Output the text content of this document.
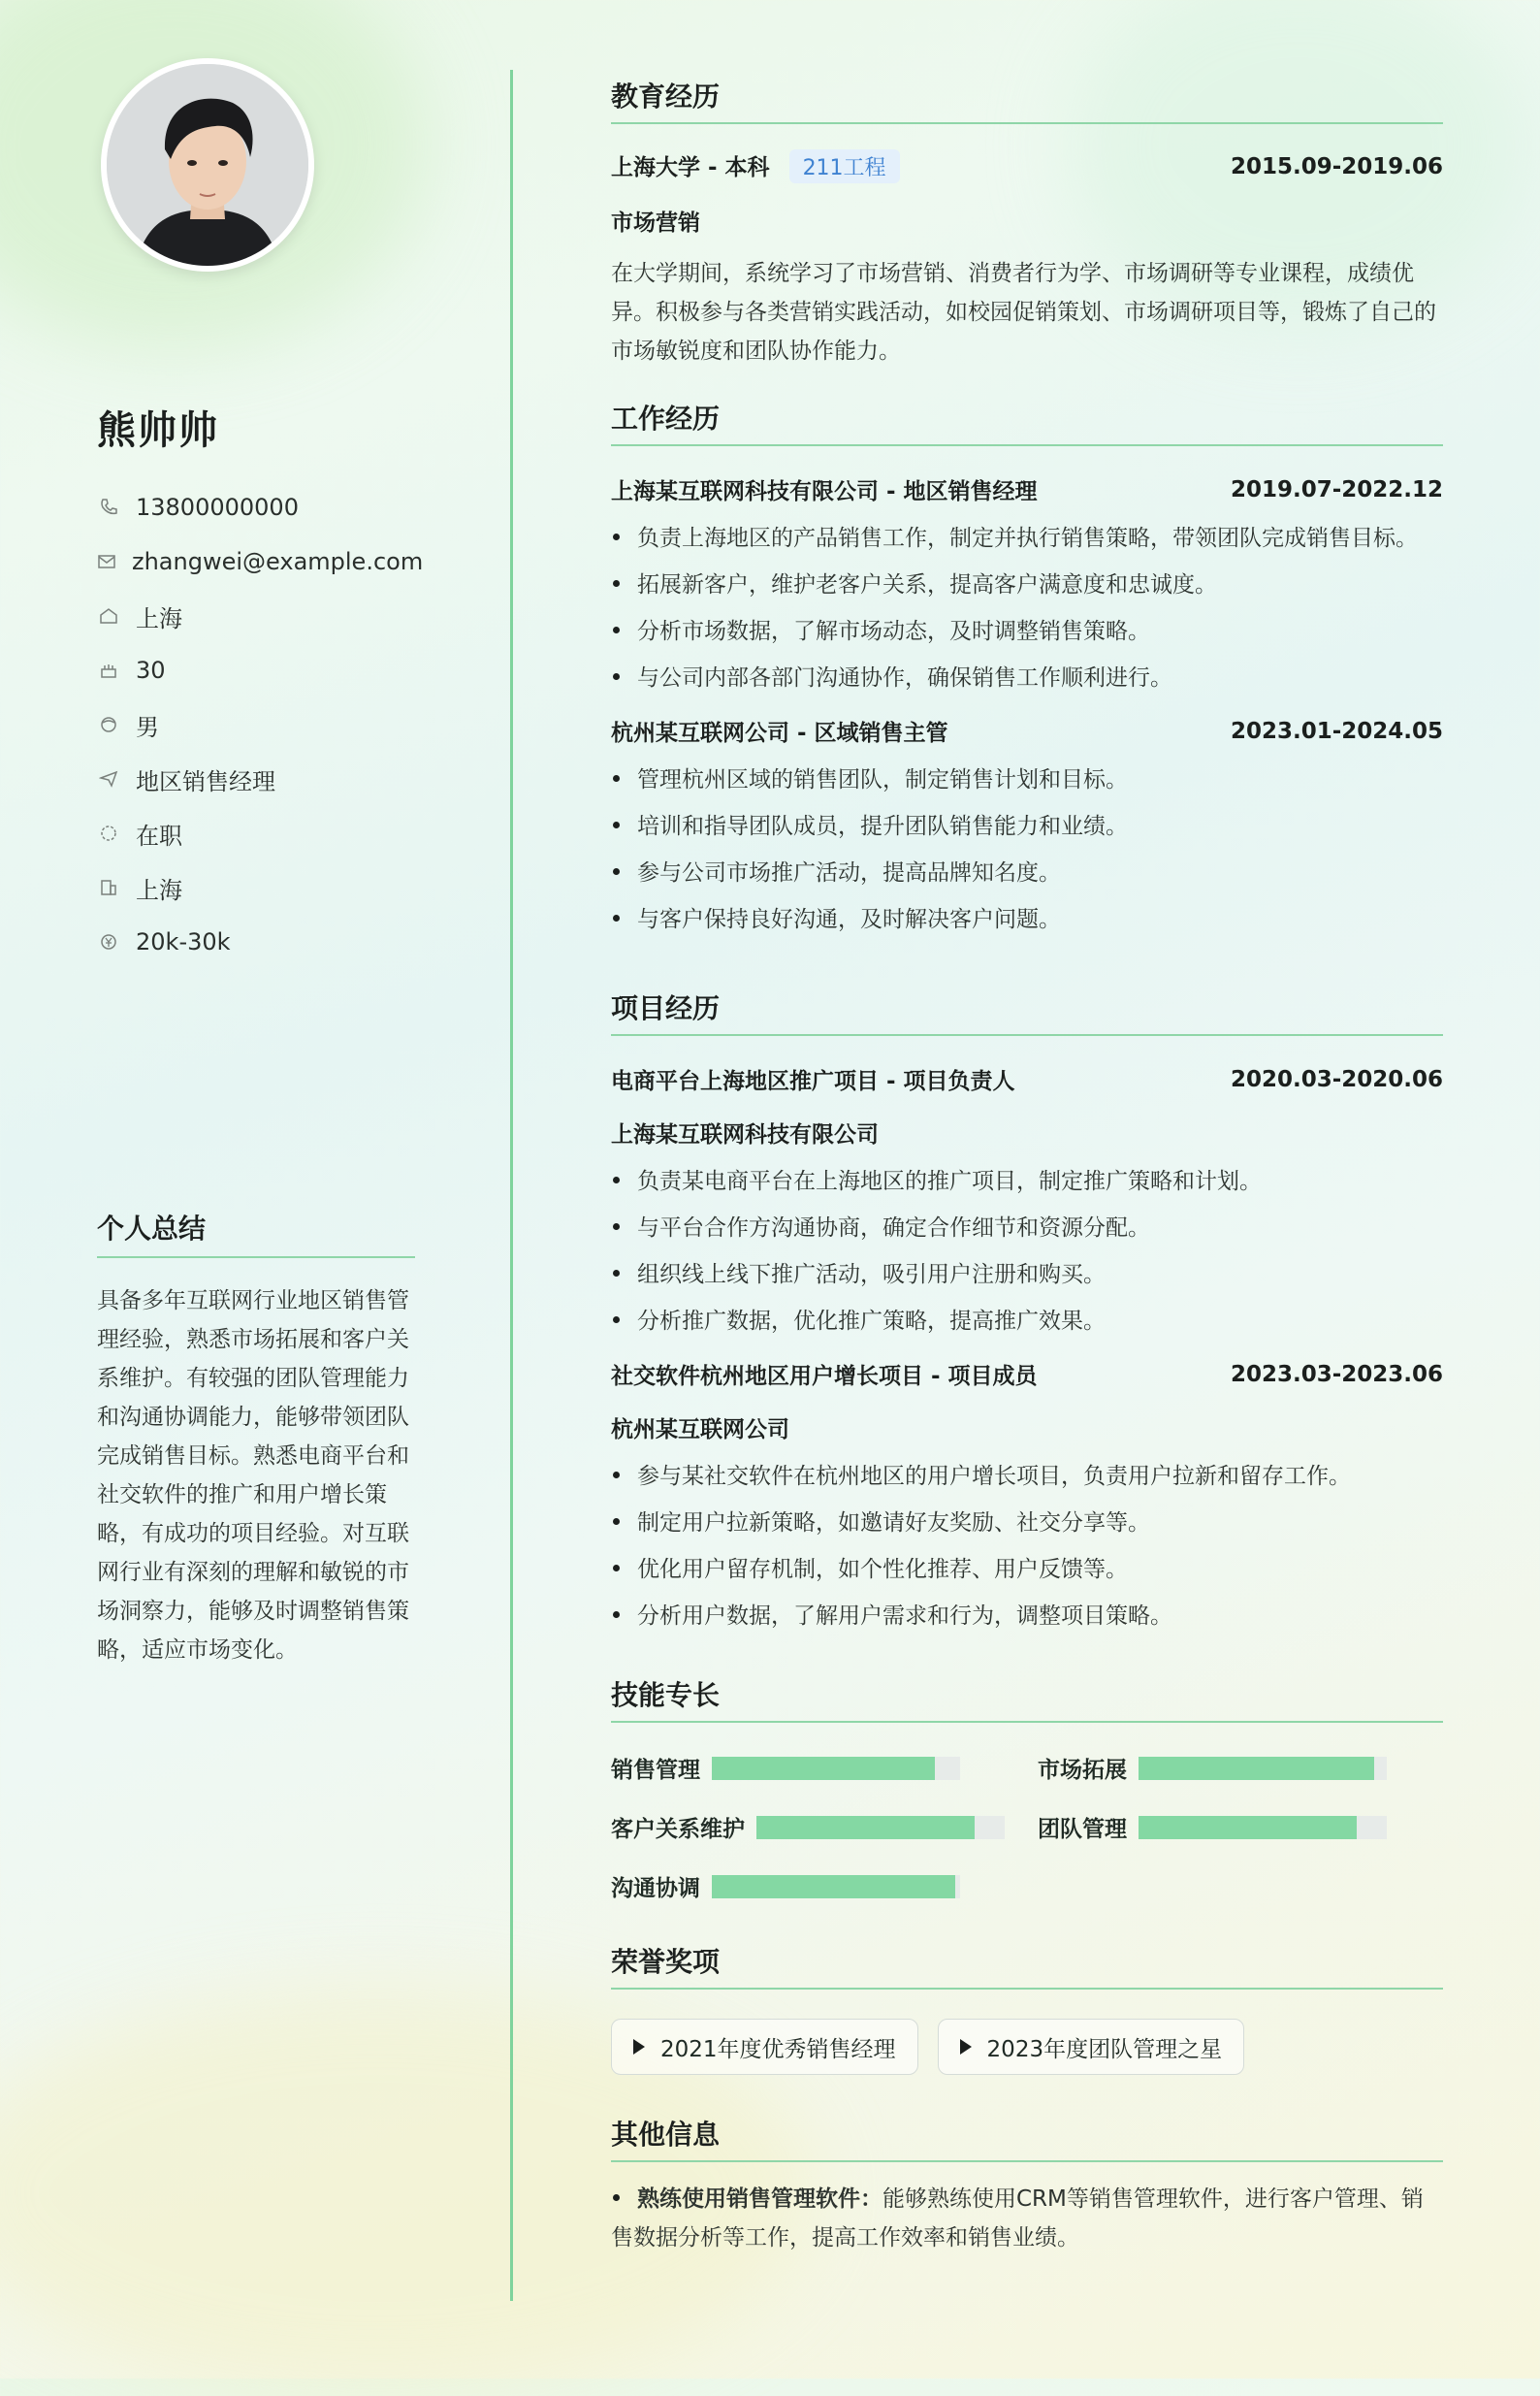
熊帅帅
13800000000
zhangwei@example.com
上海
30
男
地区销售经理
在职
上海
20k-30k
个人总结
具备多年互联网行业地区销售管理经验，熟悉市场拓展和客户关系维护。有较强的团队管理能力和沟通协调能力，能够带领团队完成销售目标。熟悉电商平台和社交软件的推广和用户增长策略，有成功的项目经验。对互联网行业有深刻的理解和敏锐的市场洞察力，能够及时调整销售策略，适应市场变化。
教育经历
上海大学 - 本科 211工程	2015.09-2019.06
市场营销
在大学期间，系统学习了市场营销、消费者行为学、市场调研等专业课程，成绩优异。积极参与各类营销实践活动，如校园促销策划、市场调研项目等，锻炼了自己的市场敏锐度和团队协作能力。
工作经历
上海某互联网科技有限公司 - 地区销售经理	2019.07-2022.12
负责上海地区的产品销售工作，制定并执行销售策略，带领团队完成销售目标。
拓展新客户，维护老客户关系，提高客户满意度和忠诚度。
分析市场数据，了解市场动态，及时调整销售策略。
与公司内部各部门沟通协作，确保销售工作顺利进行。
杭州某互联网公司 - 区域销售主管	2023.01-2024.05
管理杭州区域的销售团队，制定销售计划和目标。
培训和指导团队成员，提升团队销售能力和业绩。
参与公司市场推广活动，提高品牌知名度。
与客户保持良好沟通，及时解决客户问题。
项目经历
电商平台上海地区推广项目 - 项目负责人	2020.03-2020.06
上海某互联网科技有限公司
负责某电商平台在上海地区的推广项目，制定推广策略和计划。
与平台合作方沟通协商，确定合作细节和资源分配。
组织线上线下推广活动，吸引用户注册和购买。
分析推广数据，优化推广策略，提高推广效果。
社交软件杭州地区用户增长项目 - 项目成员	2023.03-2023.06
杭州某互联网公司
参与某社交软件在杭州地区的用户增长项目，负责用户拉新和留存工作。
制定用户拉新策略，如邀请好友奖励、社交分享等。
优化用户留存机制，如个性化推荐、用户反馈等。
分析用户数据，了解用户需求和行为，调整项目策略。
技能专长
销售管理	市场拓展
客户关系维护	团队管理
沟通协调
荣誉奖项
2021年度优秀销售经理	2023年度团队管理之星
其他信息
熟练使用销售管理软件：能够熟练使用CRM等销售管理软件，进行客户管理、销售数据分析等工作，提高工作效率和销售业绩。
